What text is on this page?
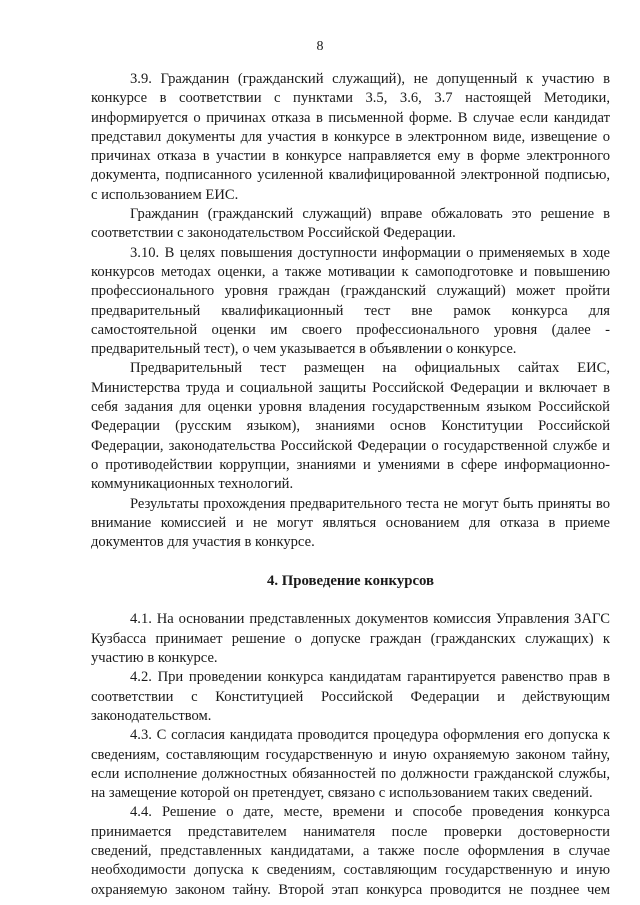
8

3.9. Гражданин (гражданский служащий), не допущенный к участию в конкурсе в соответствии с пунктами 3.5, 3.6, 3.7 настоящей Методики, информируется о причинах отказа в письменной форме. В случае если кандидат представил документы для участия в конкурсе в электронном виде, извещение о причинах отказа в участии в конкурсе направляется ему в форме электронного документа, подписанного усиленной квалифицированной электронной подписью, с использованием ЕИС.

Гражданин (гражданский служащий) вправе обжаловать это решение в соответствии с законодательством Российской Федерации.

3.10. В целях повышения доступности информации о применяемых в ходе конкурсов методах оценки, а также мотивации к самоподготовке и повышению профессионального уровня граждан (гражданский служащий) может пройти предварительный квалификационный тест вне рамок конкурса для самостоятельной оценки им своего профессионального уровня (далее - предварительный тест), о чем указывается в объявлении о конкурсе.

Предварительный тест размещен на официальных сайтах ЕИС, Министерства труда и социальной защиты Российской Федерации и включает в себя задания для оценки уровня владения государственным языком Российской Федерации (русским языком), знаниями основ Конституции Российской Федерации, законодательства Российской Федерации о государственной службе и о противодействии коррупции, знаниями и умениями в сфере информационно-коммуникационных технологий.

Результаты прохождения предварительного теста не могут быть приняты во внимание комиссией и не могут являться основанием для отказа в приеме документов для участия в конкурсе.

4. Проведение конкурсов

4.1. На основании представленных документов комиссия Управления ЗАГС Кузбасса принимает решение о допуске граждан (гражданских служащих) к участию в конкурсе.

4.2. При проведении конкурса кандидатам гарантируется равенство прав в соответствии с Конституцией Российской Федерации и действующим законодательством.

4.3. С согласия кандидата проводится процедура оформления его допуска к сведениям, составляющим государственную и иную охраняемую законом тайну, если исполнение должностных обязанностей по должности гражданской службы, на замещение которой он претендует, связано с использованием таких сведений.

4.4. Решение о дате, месте, времени и способе проведения конкурса принимается представителем нанимателя после проверки достоверности сведений, представленных кандидатами, а также после оформления в случае необходимости допуска к сведениям, составляющим государственную и иную охраняемую законом тайну. Второй этап конкурса проводится не позднее чем
